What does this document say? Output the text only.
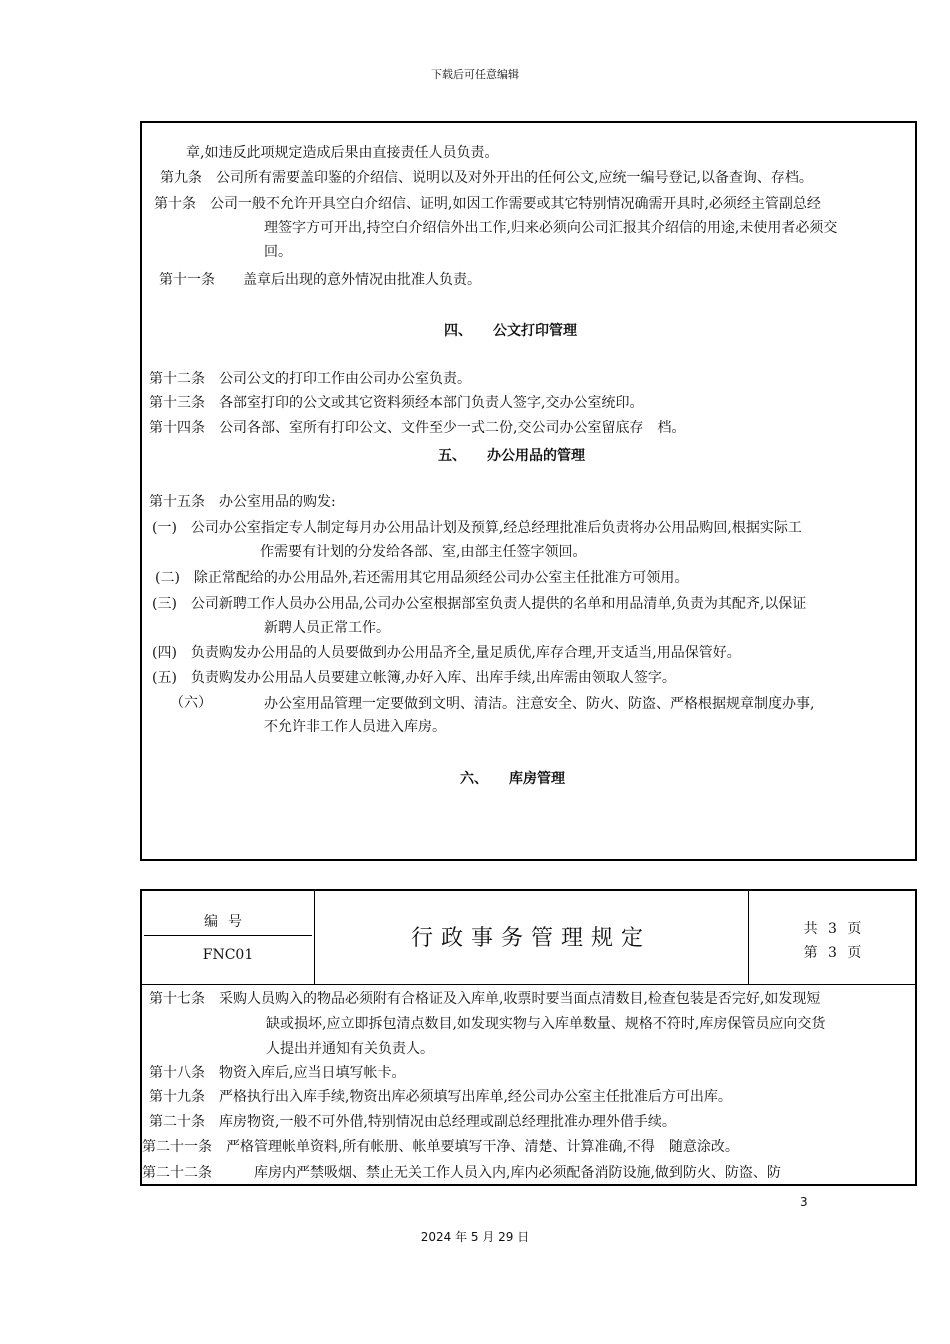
下载后可任意编辑
章,如违反此项规定造成后果由直接责任人员负责。
第九条　公司所有需要盖印鉴的介绍信、说明以及对外开出的任何公文,应统一编号登记,以备查询、存档。
第十条　公司一般不允许开具空白介绍信、证明,如因工作需要或其它特别情况确需开具时,必须经主管副总经
理签字方可开出,持空白介绍信外出工作,归来必须向公司汇报其介绍信的用途,未使用者必须交
回。
第十一条　　盖章后出现的意外情况由批准人负责。
四、　　公文打印管理
第十二条　公司公文的打印工作由公司办公室负责。
第十三条　各部室打印的公文或其它资料须经本部门负责人签字,交办公室统印。
第十四条　公司各部、室所有打印公文、文件至少一式二份,交公司办公室留底存　档。
五、　　办公用品的管理
第十五条　办公室用品的购发:
(一)　公司办公室指定专人制定每月办公用品计划及预算,经总经理批准后负责将办公用品购回,根据实际工
作需要有计划的分发给各部、室,由部主任签字领回。
(二)　除正常配给的办公用品外,若还需用其它用品须经公司办公室主任批准方可领用。
(三)　公司新聘工作人员办公用品,公司办公室根据部室负责人提供的名单和用品清单,负责为其配齐,以保证
新聘人员正常工作。
(四)　负责购发办公用品的人员要做到办公用品齐全,量足质优,库存合理,开支适当,用品保管好。
(五)　负责购发办公用品人员要建立帐簿,办好入库、出库手续,出库需由领取人签字。
（六）	办公室用品管理一定要做到文明、清洁。注意安全、防火、防盗、严格根据规章制度办事,
不允许非工作人员进入库房。
六、　　库房管理
编号
FNC01
行政事务管理规定	共 3 页
第 3 页
第十七条　采购人员购入的物品必须附有合格证及入库单,收票时要当面点清数目,检查包装是否完好,如发现短
缺或损坏,应立即拆包清点数目,如发现实物与入库单数量、规格不符时,库房保管员应向交货
人提出并通知有关负责人。
第十八条　物资入库后,应当日填写帐卡。
第十九条　严格执行出入库手续,物资出库必须填写出库单,经公司办公室主任批准后方可出库。
第二十条　库房物资,一般不可外借,特别情况由总经理或副总经理批准办理外借手续。
第二十一条　严格管理帐单资料,所有帐册、帐单要填写干净、清楚、计算准确,不得　随意涂改。
第二十二条　　　库房内严禁吸烟、禁止无关工作人员入内,库内必须配备消防设施,做到防火、防盗、防
3
2024 年 5 月 29 日
